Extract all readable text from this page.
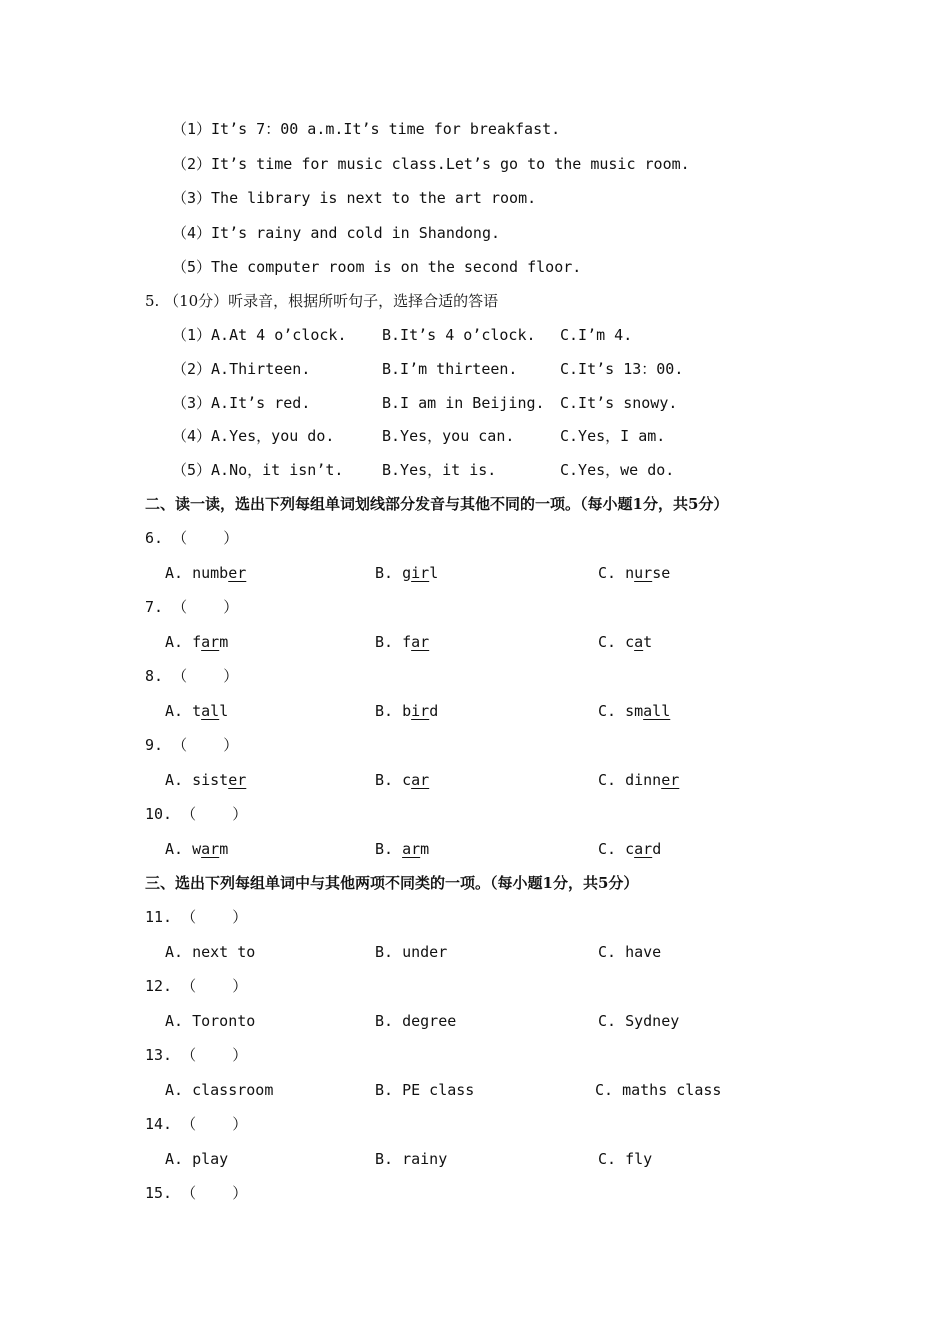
（1）It’s 7：00 a.m.It’s time for breakfast.
（2）It’s time for music class.Let’s go to the music room.
（3）The library is next to the art room.
（4）It’s rainy and cold in Shandong.
（5）The computer room is on the second floor.
5. （10分）听录音，根据所听句子，选择合适的答语
（1）A.At 4 o’clock. B.It’s 4 o’clock. C.I’m 4.
（2）A.Thirteen.	B.I’m thirteen.	C.It’s 13：00.
（3）A.It’s red.	B.I am in Beijing. C.It’s snowy.
（4）A.Yes，you do.	B.Yes，you can.	C.Yes，I am.
（5）A.No，it isn’t.	B.Yes，it is.	C.Yes，we do.
二、读一读，选出下列每组单词划线部分发音与其他不同的一项。（每小题1分，共5分）
6. （    ）
A. number	B. girl	C. nurse
7. （    ）
A. farm	B. far	C. cat
8. （    ）
A. tall	B. bird	C. small
9. （    ）
A. sister	B. car	C. dinner
10. （    ）
A. warm	B. arm	C. card
三、选出下列每组单词中与其他两项不同类的一项。（每小题1分，共5分）
11. （    ）
A. next to	B. under	C. have
12. （    ）
A. Toronto	B. degree	C. Sydney
13. （    ）
A. classroom	B. PE class	C. maths class
14. （    ）
A. play	B. rainy	C. fly
15. （    ）
